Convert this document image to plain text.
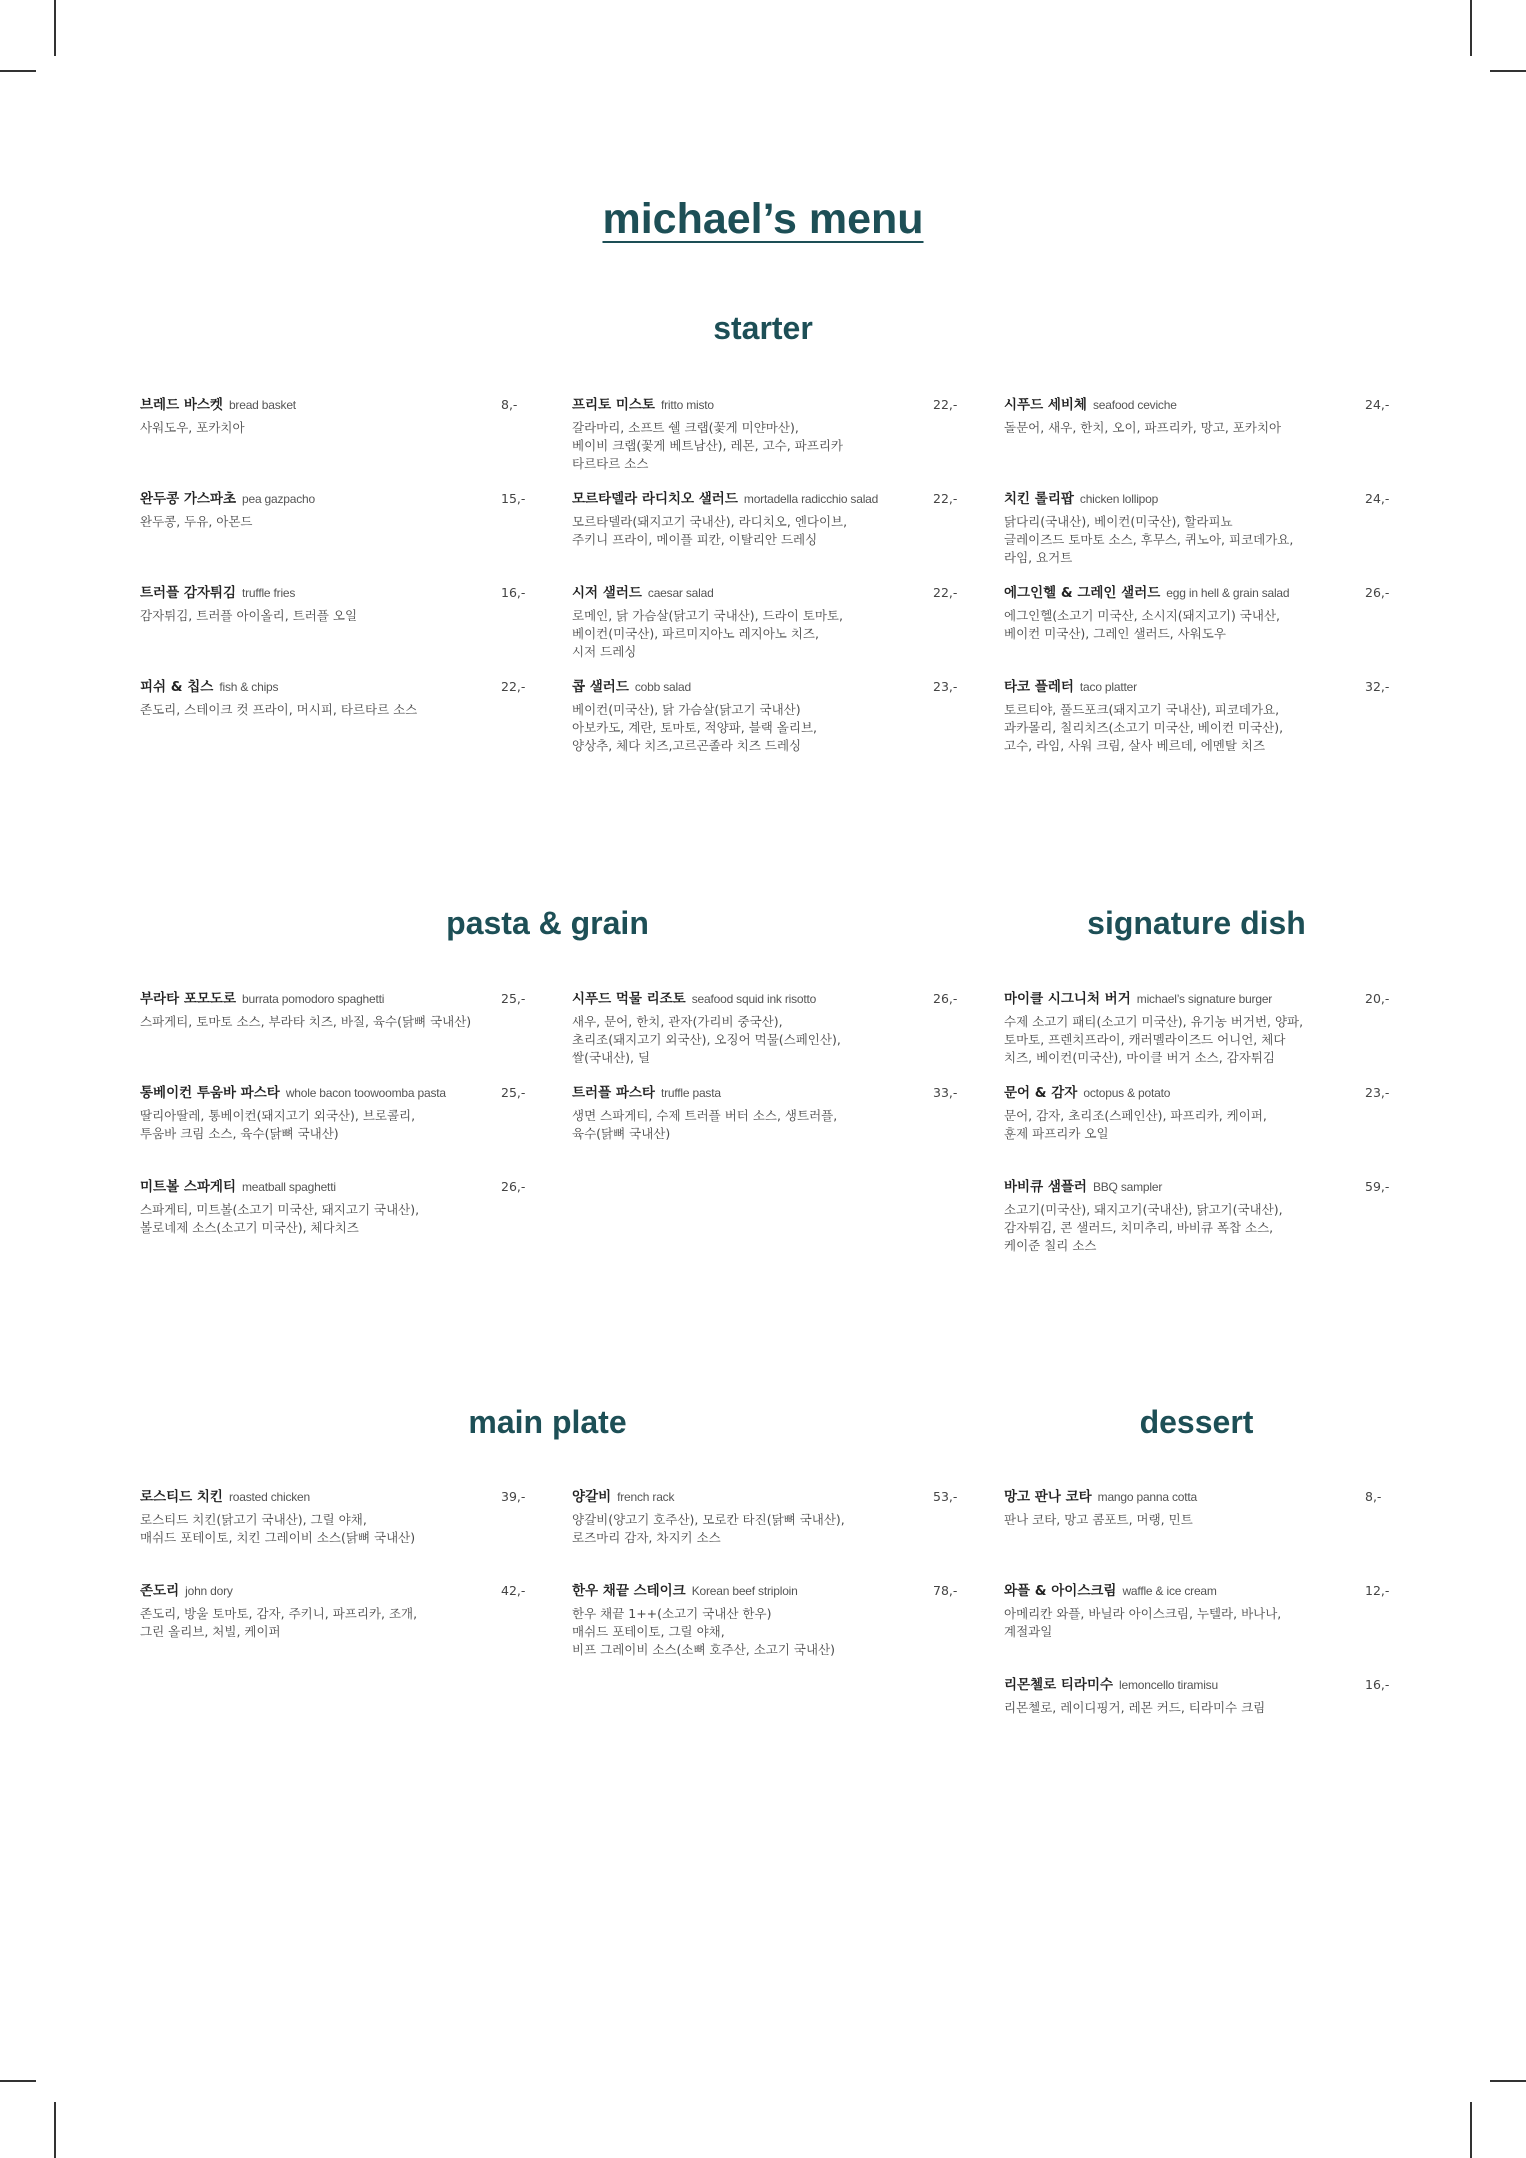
michael’s menu
starter
pasta & grain	signature dish
main plate	dessert
브레드 바스켓 bread basket	8,-
사워도우, 포카치아
완두콩 가스파초 pea gazpacho	15,-
완두콩, 두유, 아몬드
트러플 감자튀김 truffle fries	16,-
감자튀김, 트러플 아이올리, 트러플 오일
피쉬 & 칩스 fish & chips	22,-
존도리, 스테이크 컷 프라이, 머시피, 타르타르 소스
프리토 미스토 fritto misto	22,-
갈라마리, 소프트 쉘 크랩(꽃게 미얀마산),
베이비 크랩(꽃게 베트남산), 레몬, 고수, 파프리카
타르타르 소스
모르타델라 라디치오 샐러드 mortadella radicchio salad	22,-
모르타델라(돼지고기 국내산), 라디치오, 엔다이브,
주키니 프라이, 메이플 피칸, 이탈리안 드레싱
시저 샐러드 caesar salad	22,-
로메인, 닭 가슴살(닭고기 국내산), 드라이 토마토,
베이컨(미국산), 파르미지아노 레지아노 치즈,
시저 드레싱
콥 샐러드 cobb salad	23,-
베이컨(미국산), 닭 가슴살(닭고기 국내산)
아보카도, 계란, 토마토, 적양파, 블랙 올리브,
양상추, 체다 치즈,고르곤졸라 치즈 드레싱
시푸드 세비체 seafood ceviche	24,-
돌문어, 새우, 한치, 오이, 파프리카, 망고, 포카치아
치킨 롤리팝 chicken lollipop	24,-
닭다리(국내산), 베이컨(미국산), 할라피뇨
글레이즈드 토마토 소스, 후무스, 퀴노아, 피코데가요,
라임, 요거트
에그인헬 & 그레인 샐러드 egg in hell & grain salad	26,-
에그인헬(소고기 미국산, 소시지(돼지고기) 국내산,
베이컨 미국산), 그레인 샐러드, 사워도우
타코 플레터 taco platter	32,-
토르티야, 풀드포크(돼지고기 국내산), 피코데가요,
과카몰리, 칠리치즈(소고기 미국산, 베이컨 미국산),
고수, 라임, 사워 크림, 살사 베르데, 에멘탈 치즈
부라타 포모도로 burrata pomodoro spaghetti	25,-
스파게티, 토마토 소스, 부라타 치즈, 바질, 육수(닭뼈 국내산)
통베이컨 투움바 파스타 whole bacon toowoomba pasta	25,-
딸리아딸레, 통베이컨(돼지고기 외국산), 브로콜리,
투움바 크림 소스, 육수(닭뼈 국내산)
미트볼 스파게티 meatball spaghetti	26,-
스파게티, 미트볼(소고기 미국산, 돼지고기 국내산),
볼로네제 소스(소고기 미국산), 체다치즈
시푸드 먹물 리조토 seafood squid ink risotto	26,-
새우, 문어, 한치, 관자(가리비 중국산),
초리조(돼지고기 외국산), 오징어 먹물(스페인산),
쌀(국내산), 딜
트러플 파스타 truffle pasta	33,-
생면 스파게티, 수제 트러플 버터 소스, 생트러플,
육수(닭뼈 국내산)
마이클 시그니처 버거 michael’s signature burger	20,-
수제 소고기 패티(소고기 미국산), 유기농 버거번, 양파,
토마토, 프렌치프라이, 캐러멜라이즈드 어니언, 체다
치즈, 베이컨(미국산), 마이클 버거 소스, 감자튀김
문어 & 감자 octopus & potato	23,-
문어, 감자, 초리조(스페인산), 파프리카, 케이퍼,
훈제 파프리카 오일
바비큐 샘플러 BBQ sampler	59,-
소고기(미국산), 돼지고기(국내산), 닭고기(국내산),
감자튀김, 콘 샐러드, 치미추리, 바비큐 폭찹 소스,
케이준 칠리 소스
로스티드 치킨 roasted chicken	39,-
로스티드 치킨(닭고기 국내산), 그릴 야채,
매쉬드 포테이토, 치킨 그레이비 소스(닭뼈 국내산)
존도리 john dory	42,-
존도리, 방울 토마토, 감자, 주키니, 파프리카, 조개,
그린 올리브, 처빌, 케이퍼
양갈비 french rack	53,-
양갈비(양고기 호주산), 모로칸 타진(닭뼈 국내산),
로즈마리 감자, 차지키 소스
한우 채끝 스테이크 Korean beef striploin	78,-
한우 채끝 1++(소고기 국내산 한우)
매쉬드 포테이토, 그릴 야채,
비프 그레이비 소스(소뼈 호주산, 소고기 국내산)
망고 판나 코타 mango panna cotta	8,-
판나 코타, 망고 콤포트, 머랭, 민트
와플 & 아이스크림 waffle & ice cream	12,-
아메리칸 와플, 바닐라 아이스크림, 누텔라, 바나나,
계절과일
리몬첼로 티라미수 lemoncello tiramisu	16,-
리몬첼로, 레이디핑거, 레몬 커드, 티라미수 크림
